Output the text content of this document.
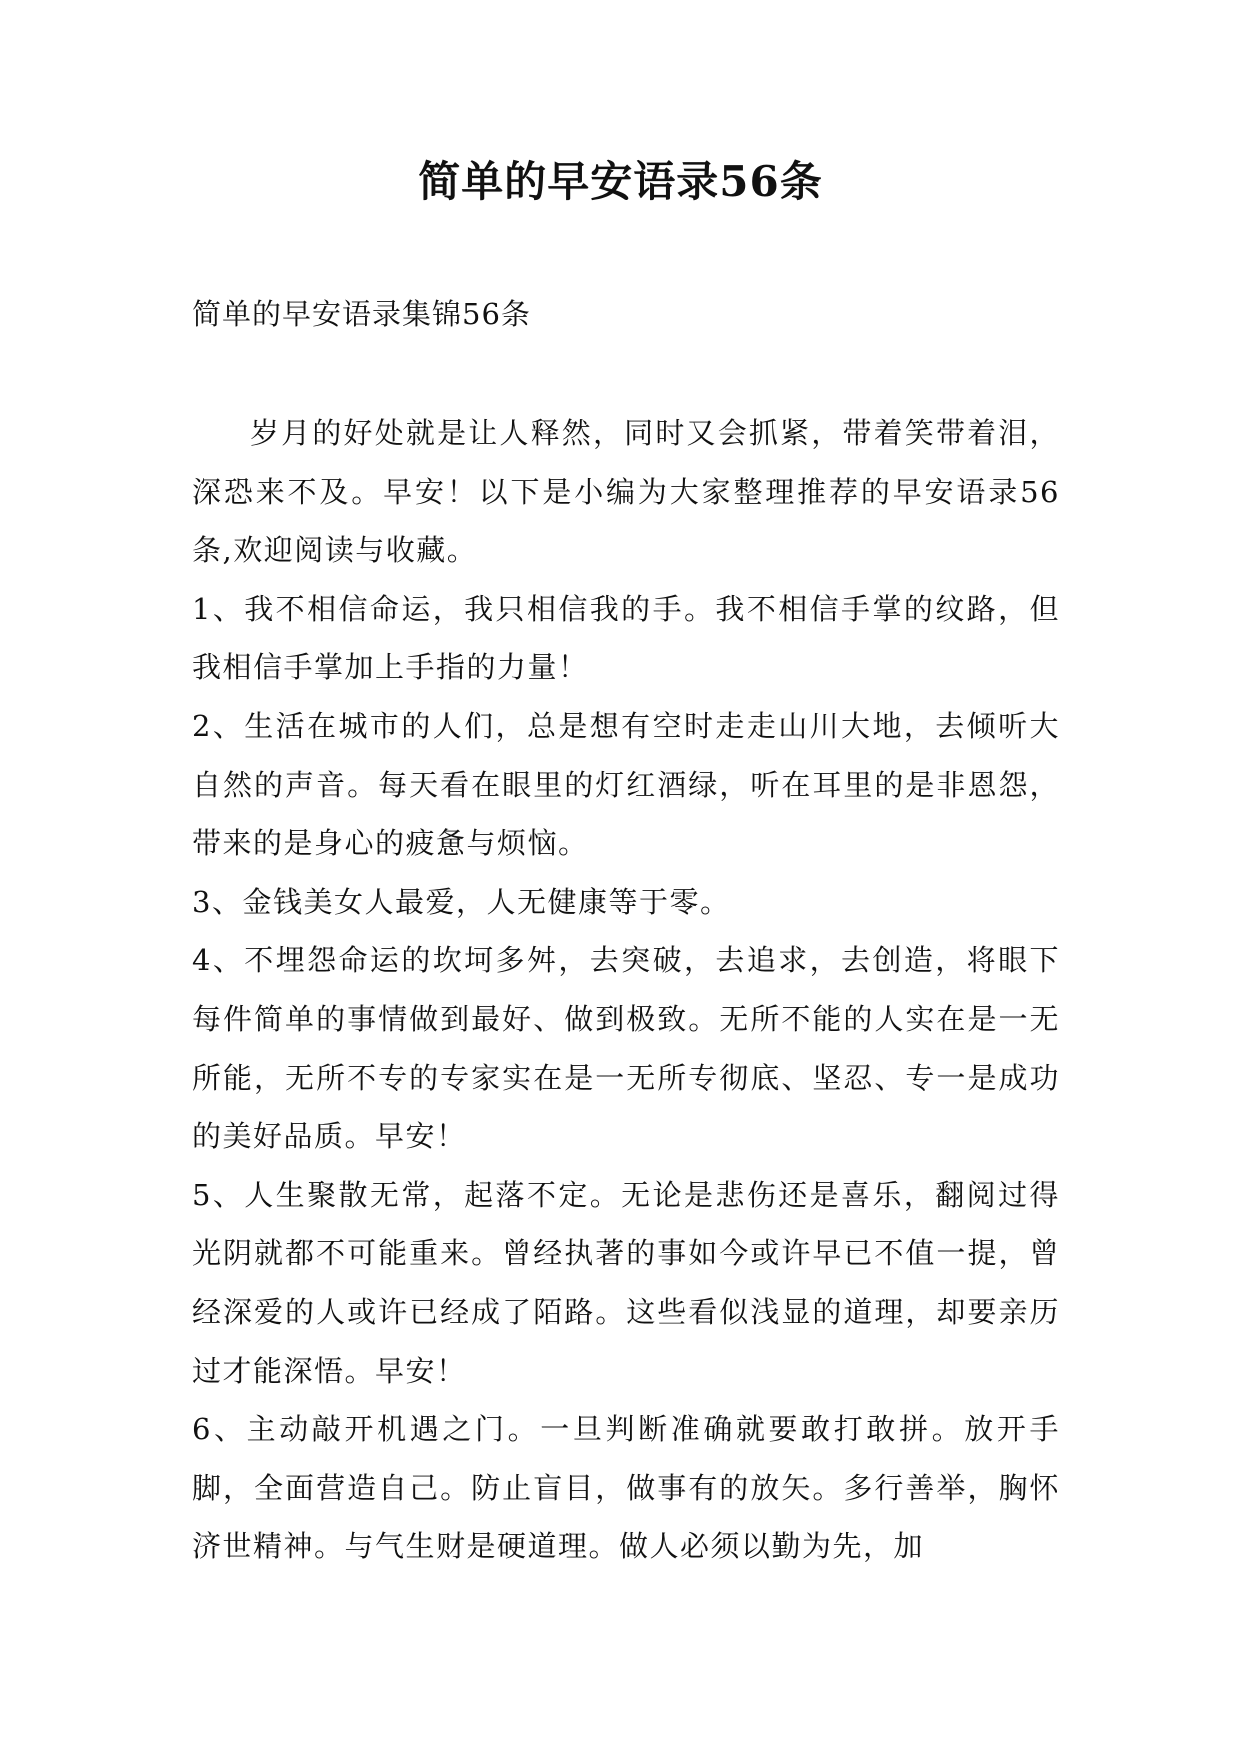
简单的早安语录56条

简单的早安语录集锦56条

岁月的好处就是让人释然，同时又会抓紧，带着笑带着泪，深恐来不及。早安！以下是小编为大家整理推荐的早安语录56条,欢迎阅读与收藏。

1、我不相信命运，我只相信我的手。我不相信手掌的纹路，但我相信手掌加上手指的力量！

2、生活在城市的人们，总是想有空时走走山川大地，去倾听大自然的声音。每天看在眼里的灯红酒绿，听在耳里的是非恩怨，带来的是身心的疲惫与烦恼。

3、金钱美女人最爱，人无健康等于零。

4、不埋怨命运的坎坷多舛，去突破，去追求，去创造，将眼下每件简单的事情做到最好、做到极致。无所不能的人实在是一无所能，无所不专的专家实在是一无所专彻底、坚忍、专一是成功的美好品质。早安！

5、人生聚散无常，起落不定。无论是悲伤还是喜乐，翻阅过得光阴就都不可能重来。曾经执著的事如今或许早已不值一提，曾经深爱的人或许已经成了陌路。这些看似浅显的道理，却要亲历过才能深悟。早安！

6、主动敲开机遇之门。一旦判断准确就要敢打敢拼。放开手脚，全面营造自己。防止盲目，做事有的放矢。多行善举，胸怀济世精神。与气生财是硬道理。做人必须以勤为先，加
